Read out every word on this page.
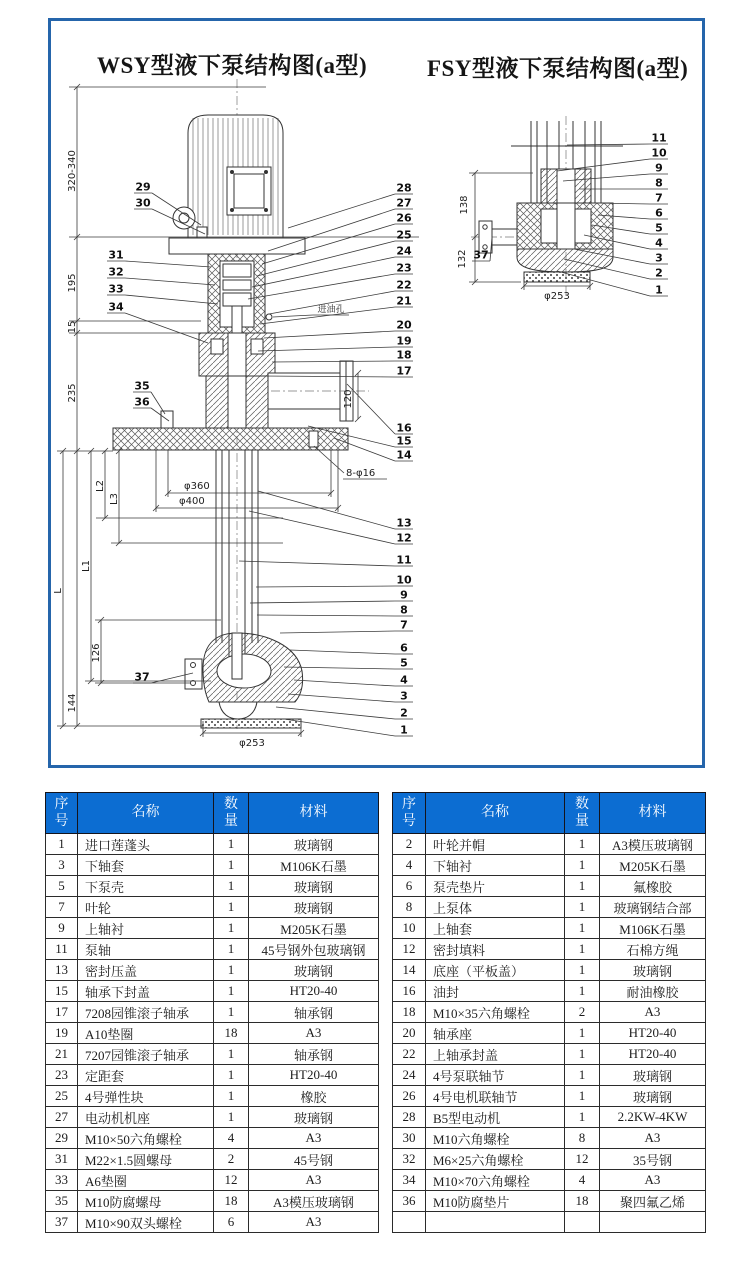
WSY型液下泵结构图(a型)	FSY型液下泵结构图(a型)
320-340
195
15
235
L
L1
L2
L3
126
144
120
φ360
φ400
8-φ16
φ253
进油孔
138
132
φ253
29
30
31
32
33
34
35
36
37
28
27
26
25
24
23
22
21
20
19
18
17
16
15
14
13
12
11
10
9
8
7
6
5
4
3
2
1
11
10
9
8
7
6
5
4
3
2
1
37
序号	名称	数量	材料
1	进口莲蓬头	1	玻璃钢
3	下轴套	1	M106K石墨
5	下泵壳	1	玻璃钢
7	叶轮	1	玻璃钢
9	上轴衬	1	M205K石墨
11	泵轴	1	45号钢外包玻璃钢
13	密封压盖	1	玻璃钢
15	轴承下封盖	1	HT20-40
17	7208园锥滚子轴承	1	轴承钢
19	A10垫圈	18	A3
21	7207园锥滚子轴承	1	轴承钢
23	定距套	1	HT20-40
25	4号弹性块	1	橡胶
27	电动机机座	1	玻璃钢
29	M10×50六角螺栓	4	A3
31	M22×1.5圆螺母	2	45号钢
33	A6垫圈	12	A3
35	M10防腐螺母	18	A3模压玻璃钢
37	M10×90双头螺栓	6	A3
序号	名称	数量	材料
2	叶轮并帽	1	A3模压玻璃钢
4	下轴衬	1	M205K石墨
6	泵壳垫片	1	氟橡胶
8	上泵体	1	玻璃钢结合部
10	上轴套	1	M106K石墨
12	密封填料	1	石棉方绳
14	底座（平板盖）	1	玻璃钢
16	油封	1	耐油橡胶
18	M10×35六角螺栓	2	A3
20	轴承座	1	HT20-40
22	上轴承封盖	1	HT20-40
24	4号泵联轴节	1	玻璃钢
26	4号电机联轴节	1	玻璃钢
28	B5型电动机	1	2.2KW-4KW
30	M10六角螺栓	8	A3
32	M6×25六角螺栓	12	35号钢
34	M10×70六角螺栓	4	A3
36	M10防腐垫片	18	聚四氟乙烯
